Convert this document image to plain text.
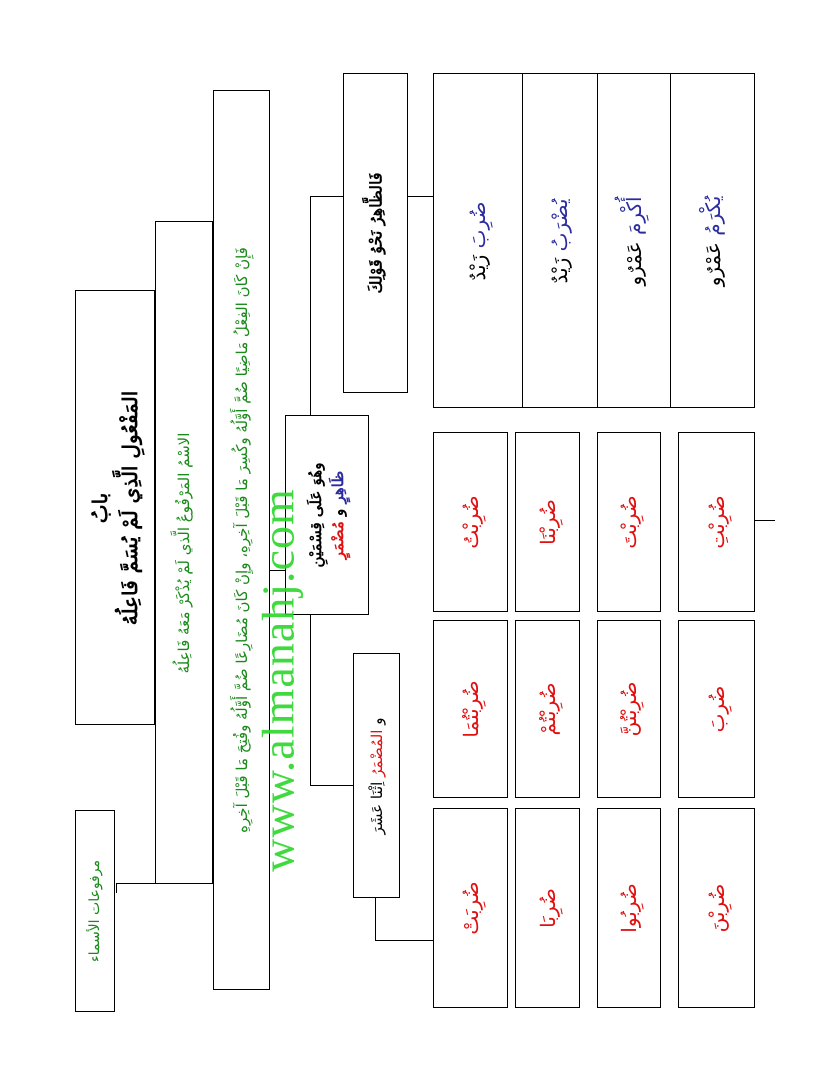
مرفوعات الأسماء
بابُ المَفْعُولِ الَّذِي لَمْ يُسَمَّ فَاعِلُهُ الاسْمُ المَرْفُوعُ الَّذي لَمْ يُذْكَرْ مَعَهُ فَاعِلُهُ	فَإِنْ كَانَ الفِعْلُ مَاضِيًا ضُمَّ أَوَّلُهُ وكُسِرَ مَا قَبْلَ آخِرِهِ، وإِنْ كَانَ مُضَارِعًا ضُمَّ أَوَّلُهُ وفُتِحَ مَا قَبْلَ آخِرِهِ	وهُوَ عَلَى قِسْمَيْنِ ظَاهِرٍ و مُضْمَرٍ
فَالظَّاهِرُ نَحْوُ قَوْلِكَ
و المُضْمَرُ اِثْنَا عَشَرَ
ضُرِبَ زَيْدٌ
يُضْرَبُ زَيْدٌ
أُكْرِمَ عَمْرٌو
يُكْرَمُ عَمْرٌو
ضُرِبْتُ	ضُرِبْنَا	ضُرِبْتَ	ضُرِبْتِ
ضُرِبْتُمَا	ضُرِبْتُمْ	ضُرِبْتُنَّ	ضُرِبَ
ضُرِبَتْ	ضُرِبَا	ضُرِبُوا	ضُرِبْنَ
www.almanahj.com
